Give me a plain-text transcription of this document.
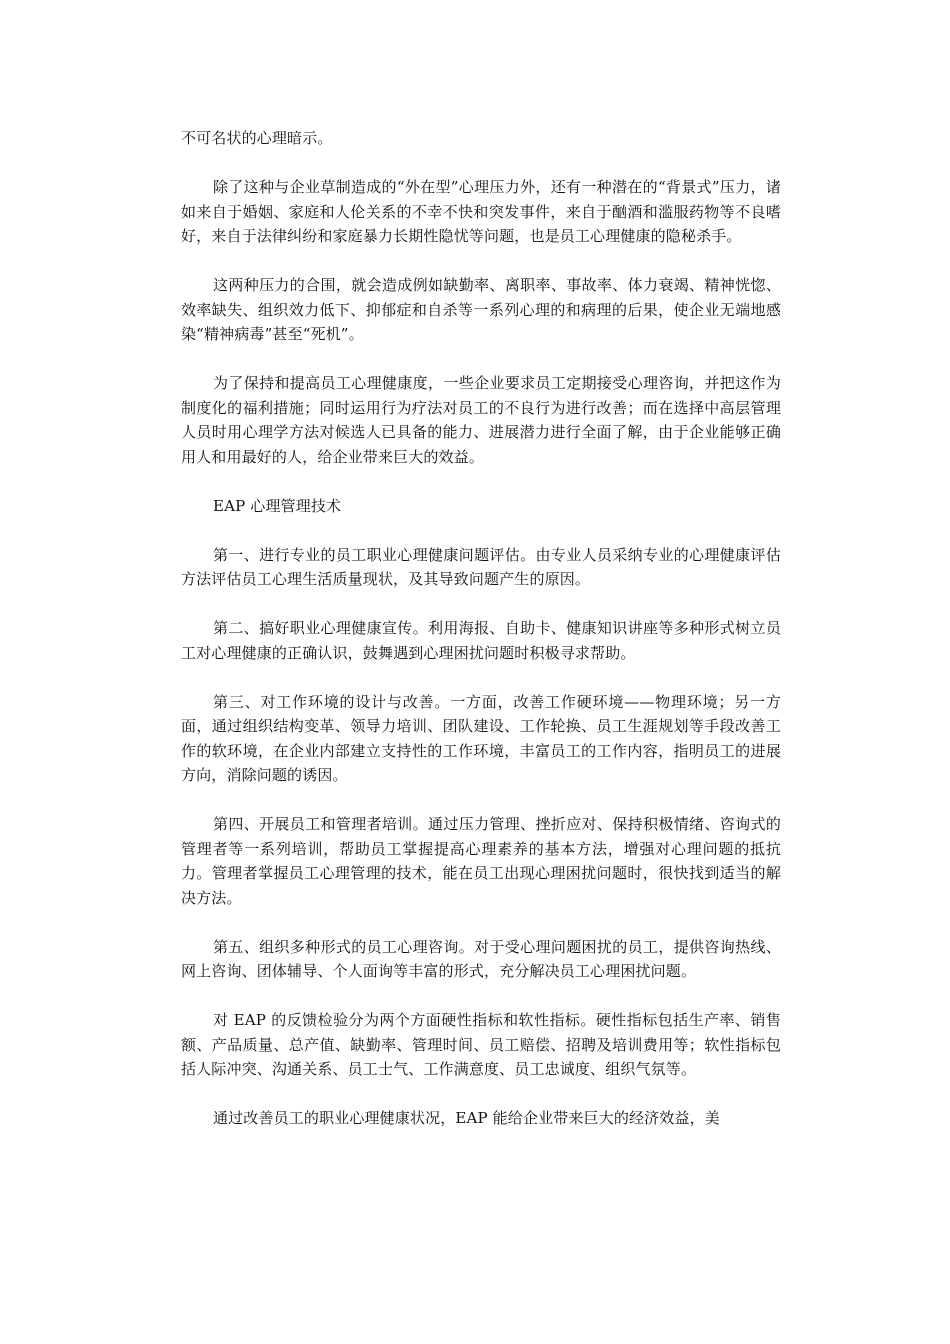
不可名状的心理暗示。

除了这种与企业草制造成的“外在型”心理压力外，还有一种潜在的“背景式”压力，诸如来自于婚姻、家庭和人伦关系的不幸不快和突发事件，来自于酗酒和滥服药物等不良嗜好，来自于法律纠纷和家庭暴力长期性隐忧等问题，也是员工心理健康的隐秘杀手。

这两种压力的合围，就会造成例如缺勤率、离职率、事故率、体力衰竭、精神恍惚、效率缺失、组织效力低下、抑郁症和自杀等一系列心理的和病理的后果，使企业无端地感染“精神病毒”甚至“死机”。

为了保持和提高员工心理健康度，一些企业要求员工定期接受心理咨询，并把这作为制度化的福利措施；同时运用行为疗法对员工的不良行为进行改善；而在选择中高层管理人员时用心理学方法对候选人已具备的能力、进展潜力进行全面了解，由于企业能够正确用人和用最好的人，给企业带来巨大的效益。

EAP 心理管理技术

第一、进行专业的员工职业心理健康问题评估。由专业人员采纳专业的心理健康评估方法评估员工心理生活质量现状，及其导致问题产生的原因。

第二、搞好职业心理健康宣传。利用海报、自助卡、健康知识讲座等多种形式树立员工对心理健康的正确认识，鼓舞遇到心理困扰问题时积极寻求帮助。

第三、对工作环境的设计与改善。一方面，改善工作硬环境——物理环境；另一方面，通过组织结构变革、领导力培训、团队建设、工作轮换、员工生涯规划等手段改善工作的软环境，在企业内部建立支持性的工作环境，丰富员工的工作内容，指明员工的进展方向，消除问题的诱因。

第四、开展员工和管理者培训。通过压力管理、挫折应对、保持积极情绪、咨询式的管理者等一系列培训，帮助员工掌握提高心理素养的基本方法，增强对心理问题的抵抗力。管理者掌握员工心理管理的技术，能在员工出现心理困扰问题时，很快找到适当的解决方法。

第五、组织多种形式的员工心理咨询。对于受心理问题困扰的员工，提供咨询热线、网上咨询、团体辅导、个人面询等丰富的形式，充分解决员工心理困扰问题。

对 EAP 的反馈检验分为两个方面硬性指标和软性指标。硬性指标包括生产率、销售额、产品质量、总产值、缺勤率、管理时间、员工赔偿、招聘及培训费用等；软性指标包括人际冲突、沟通关系、员工士气、工作满意度、员工忠诚度、组织气氛等。

通过改善员工的职业心理健康状况，EAP 能给企业带来巨大的经济效益，美
